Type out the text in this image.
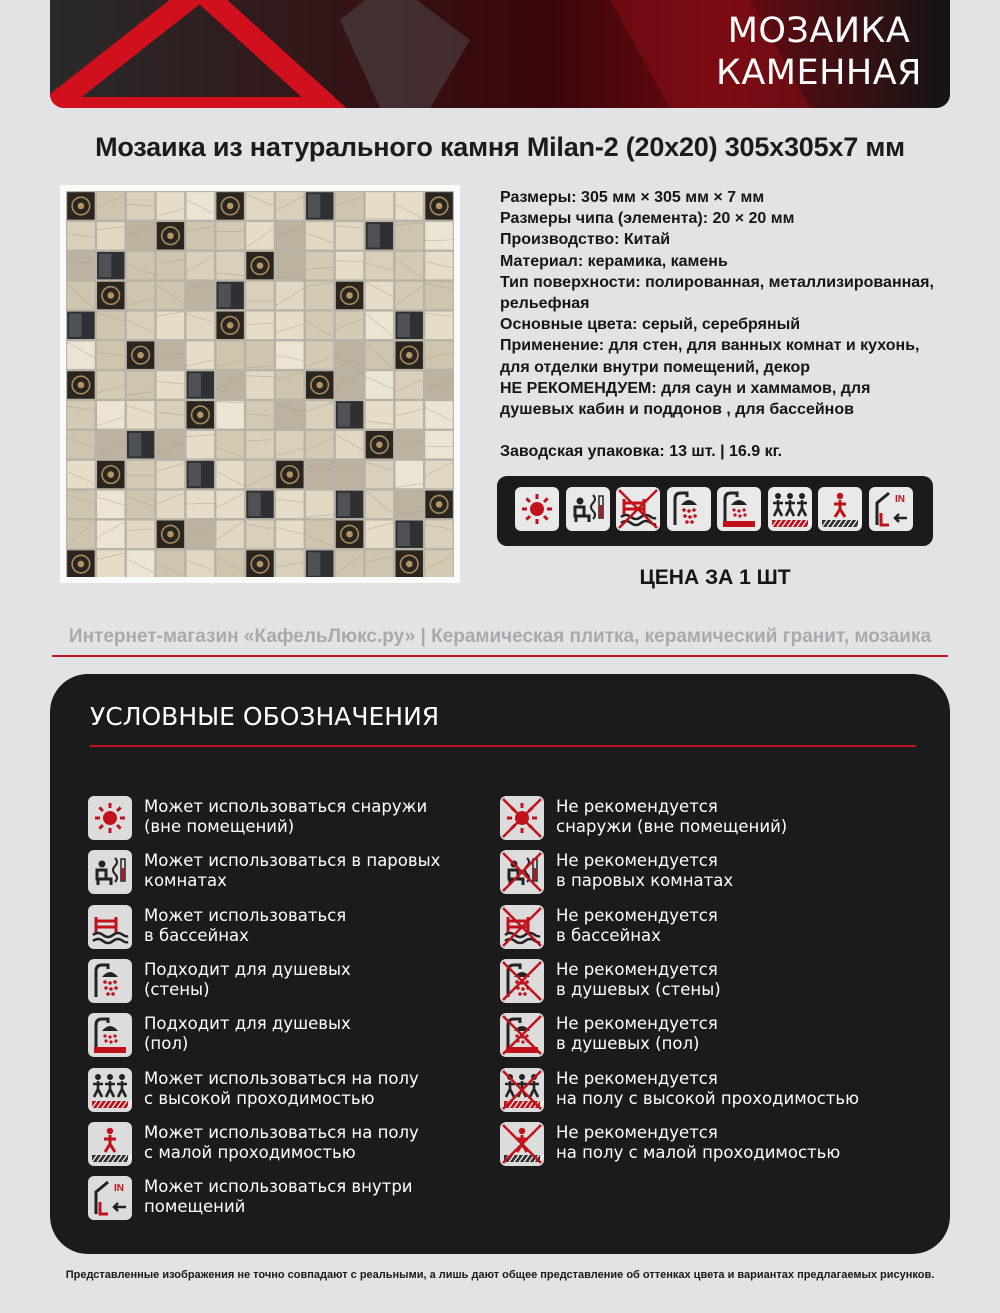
МОЗАИКА
КАМЕННАЯ
Мозаика из натурального камня Milan-2 (20x20) 305x305x7 мм
Размеры: 305 мм × 305 мм × 7 мм
Размеры чипа (элемента): 20 × 20 мм
Производство: Китай
Материал: керамика, камень
Тип поверхности: полированная, металлизированная,
рельефная
Основные цвета: серый, серебряный
Применение: для стен, для ванных комнат и кухонь,
для отделки внутри помещений, декор
НЕ РЕКОМЕНДУЕМ: для саун и хаммамов, для
душевых кабин и поддонов , для бассейнов
Заводская упаковка: 13 шт. | 16.9 кг.
IN
ЦЕНА ЗА 1 ШТ
Интернет-магазин «КафельЛюкс.ру» | Керамическая плитка, керамический гранит, мозаика
УСЛОВНЫЕ ОБОЗНАЧЕНИЯ
Может использоваться снаружи
(вне помещений)
Может использоваться в паровых
комнатах
Может использоваться
в бассейнах
Подходит для душевых
(стены)
Подходит для душевых
(пол)
Может использоваться на полу
с высокой проходимостью
Может использоваться на полу
с малой проходимостью
IN Может использоваться внутри
помещений
Не рекомендуется
снаружи (вне помещений)
Не рекомендуется
в паровых комнатах
Не рекомендуется
в бассейнах
Не рекомендуется
в душевых (стены)
Не рекомендуется
в душевых (пол)
Не рекомендуется
на полу с высокой проходимостью
Не рекомендуется
на полу с малой проходимостью
Представленные изображения не точно совпадают с реальными, а лишь дают общее представление об оттенках цвета и вариантах предлагаемых рисунков.
